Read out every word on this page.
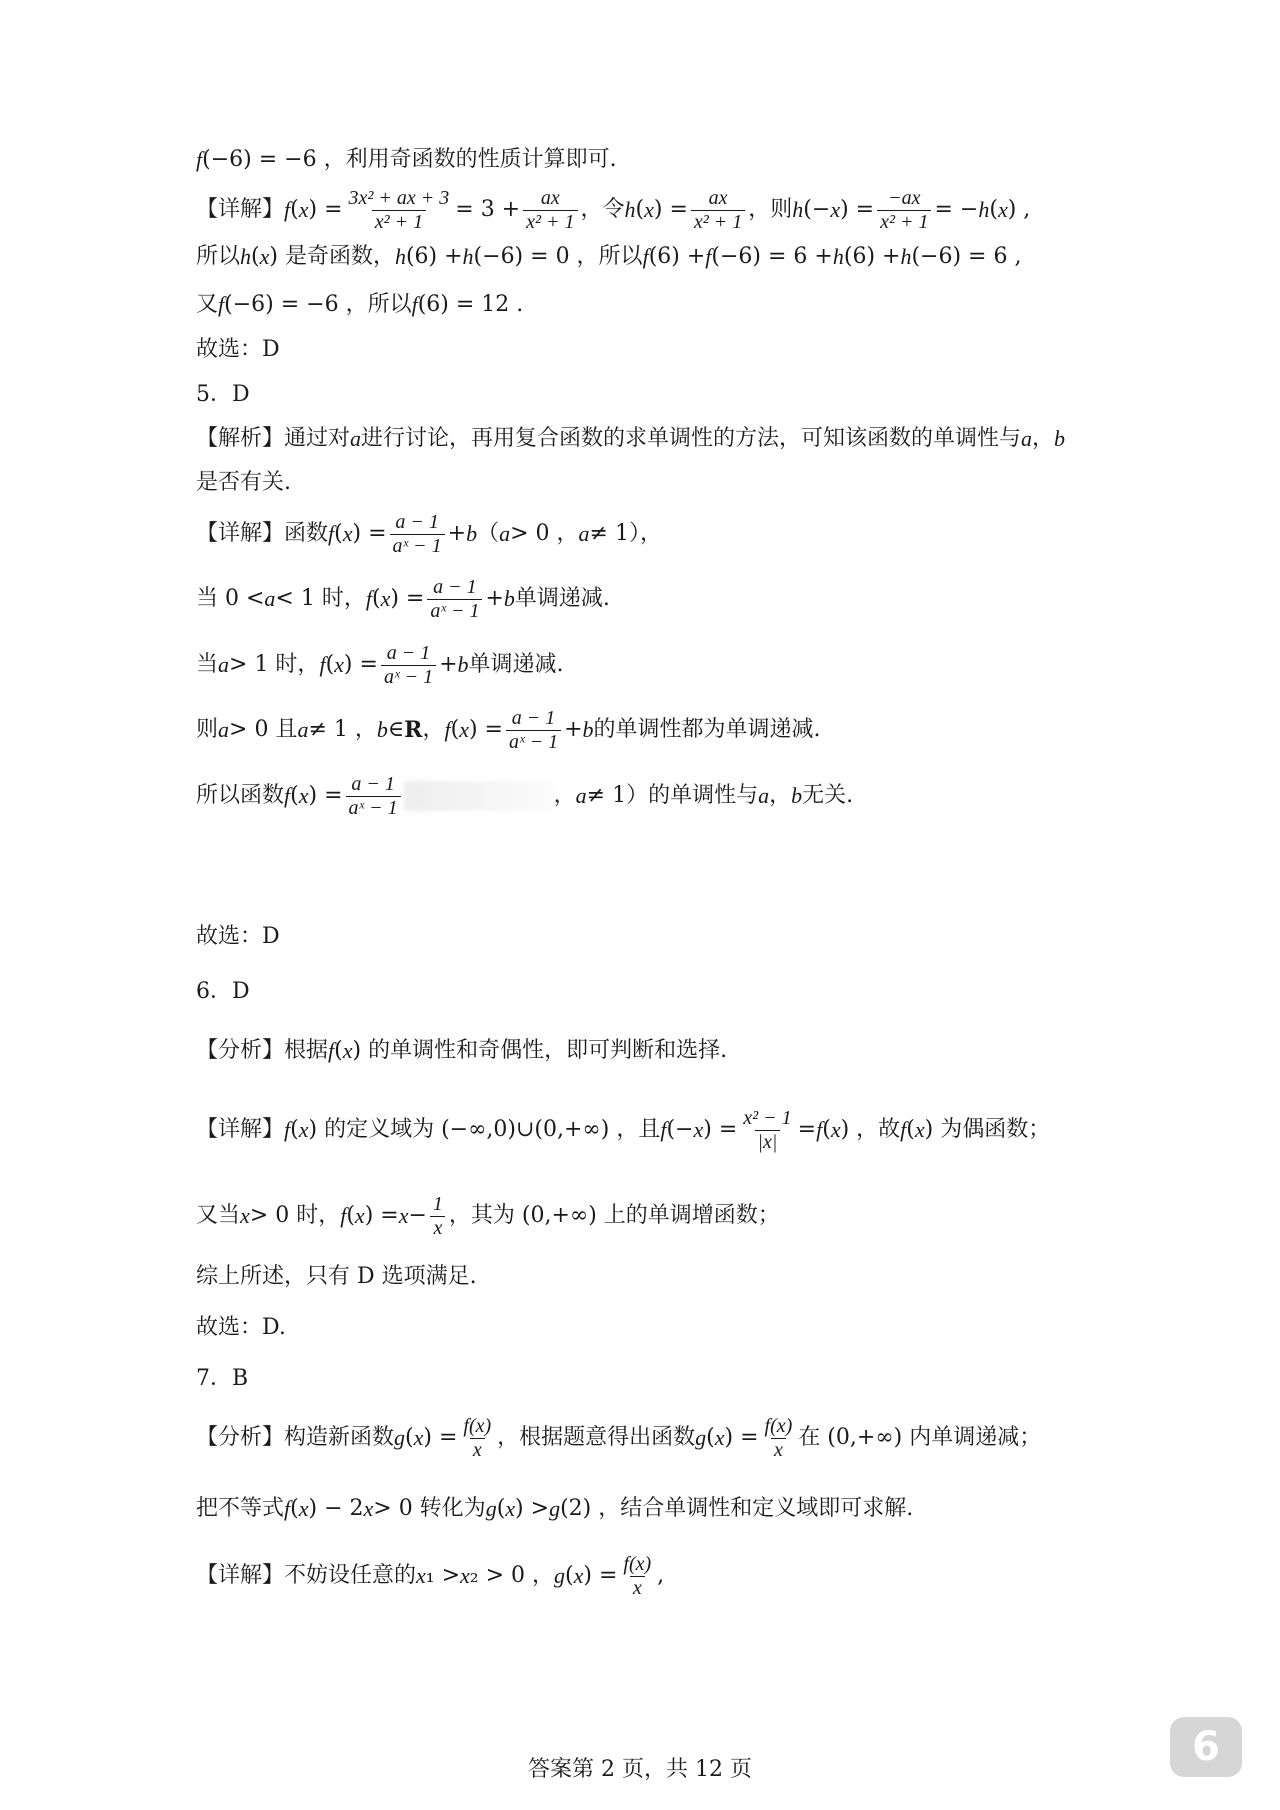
f (−6) = −6 ，利用奇函数的性质计算即可.
【详解】 f ( x ) = $\frac{\text{3x² + ax + 3}}{\text{x² + 1}} = 3 + \frac{ax}{\text{x² + 1}}$ ，令 h ( x ) = $\frac{ax}{\text{x² + 1}}$ ，则 h (− x ) = $\frac{-ax}{\text{x² + 1}}$ = − h ( x ) ,
所以 h ( x ) 是奇函数， h (6) + h (−6) = 0 ，所以 f (6) + f (−6) = 6 + h (6) + h (−6) = 6 ,
又 f (−6) = −6 ，所以 f (6) = 12 .
故选：D
5．D
【解析】通过对 a 进行讨论，再用复合函数的求单调性的方法，可知该函数的单调性与 a ， b
是否有关.
【详解】函数 f ( x ) = $\frac{a - 1}{\text{aˣ − 1}} + b$ （ a > 0 ， a ≠ 1），
当 0 < a < 1 时， f ( x ) = $\frac{a - 1}{\text{aˣ − 1}} + b$ 单调递减.
当 a > 1 时， f ( x ) = $\frac{a - 1}{\text{aˣ − 1}} + b$ 单调递减.
则 a > 0 且 a ≠ 1 ， b ∈ R ， f ( x ) = $\frac{a - 1}{\text{aˣ − 1}} + b$ 的单调性都为单调递减.
所以函数 f ( x ) = $\frac{a - 1}{\text{aˣ − 1}}$	， a ≠ 1）的单调性与 a ， b 无关.
故选：D
6．D
【分析】根据 f ( x ) 的单调性和奇偶性，即可判断和选择.
【详解】 f ( x ) 的定义域为 (−∞,0)∪(0,+∞) ，且 f (− x ) = $\frac{\text{x² − 1}}{|x|} = f$ ( x ) ，故 f ( x ) 为偶函数；
又当 x > 0 时， f ( x ) = $x - \frac{1}{x}$ ，其为 (0,+∞) 上的单调增函数；
综上所述，只有 D 选项满足.
故选：D.
7．B
【分析】构造新函数 g ( x ) = $\frac{f(x)}{x}$ ，根据题意得出函数 g ( x ) = $\frac{f(x)}{x}$ 在 (0,+∞) 内单调递减；
把不等式 f ( x ) − 2 x > 0 转化为 g ( x ) > g (2) ，结合单调性和定义域即可求解.
【详解】不妨设任意的 x ₁ > x ₂ > 0 ， g ( x ) = $\frac{f(x)}{x}$ ,
答案第 2 页，共 12 页	6
